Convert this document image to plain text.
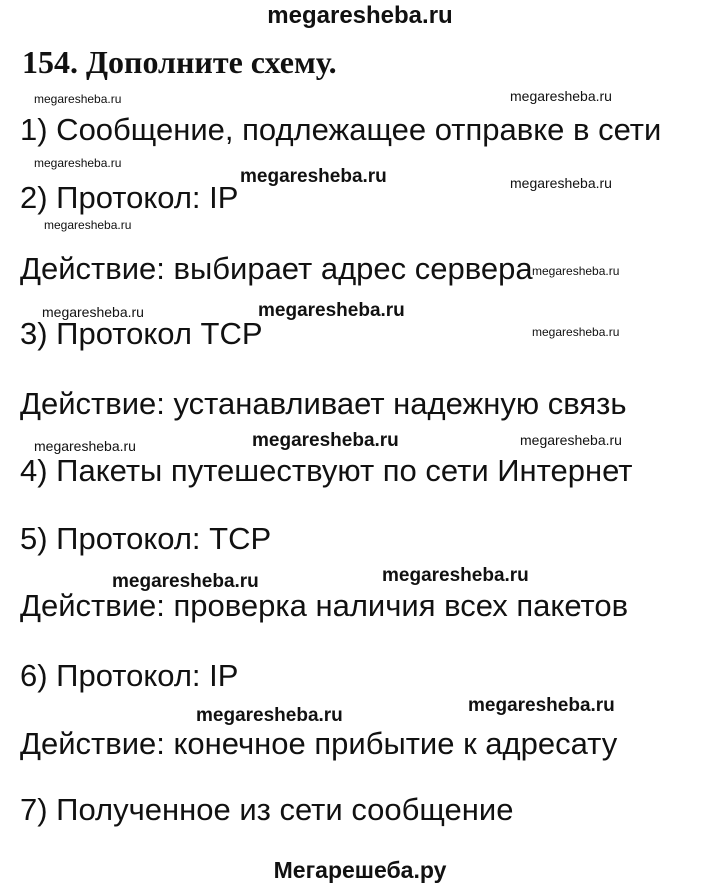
megaresheba.ru
154. Дополните схему.
megaresheba.ru	megaresheba.ru
1) Сообщение, подлежащее отправке в сети
megaresheba.ru
megaresheba.ru	megaresheba.ru
2) Протокол: IP
megaresheba.ru
Действие: выбирает адрес сервера megaresheba.ru
megaresheba.ru	megaresheba.ru
megaresheba.ru
3) Протокол TCP
Действие: устанавливает надежную связь
megaresheba.ru	megaresheba.ru	megaresheba.ru
4) Пакеты путешествуют по сети Интернет
5) Протокол: TCP
megaresheba.ru	megaresheba.ru
Действие: проверка наличия всех пакетов
6) Протокол: IP
megaresheba.ru
megaresheba.ru
Действие: конечное прибытие к адресату
7) Полученное из сети сообщение
Мегарешеба.ру
